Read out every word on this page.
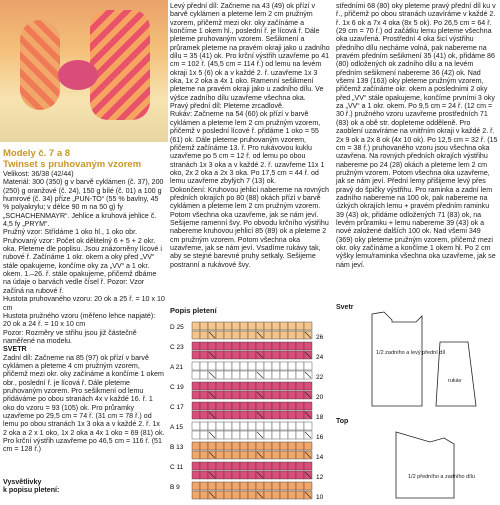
Modely č. 7 a 8

Twinset s pruhovaným vzorem

Velikost: 36/38 (42/44)

Materiál: 300 (350) g v barvě cyklámen (č. 37), 200 (250) g oranžové (č. 24), 150 g bílé (č. 01) a 100 g humrové (č. 34) příze „PUN-TO“ (55 % bavlny, 45 % polyakrylu; v délce 90 m na 50 g) fy „SCHACHENMAYR“. Jehlice a kruhová jehlice č. 4,5 fy „PRYM“.

Pružný vzor: Střídáme 1 oko hl., 1 oko obr.

Pruhovaný vzor: Počet ok dělitelný 6 + 5 + 2 okr. oka. Pleteme dle poplisu. Jsou znázorněny lícové i rubové ř. Začínáme 1 okr. okem a oky před „VV“ stále opakujeme, končíme oky za „VV“ a 1 okr. okem. 1.–26. ř. stále opakujeme, přičemž dbáme na údaje o barvách vedle čísel ř. Pozor: Vzor začíná na rubové ř.

Hustota pruhovaného vzoru: 20 ok a 25 ř. = 10 x 10 cm

Hustota pružného vzoru (měřeno lehce napjaté): 20 ok a 24 ř. = 10 x 10 cm

Pozor: Rozměry ve střihu jsou již částečně naměřené na modelu.

SVETR

Zadní díl: Začneme na 85 (97) ok přízí v barvě cyklámen a pleteme 4 cm pružným vzorem, přičemž mezi okr. oky začínáme a končíme 1 okem obr., poslední ř. je lícová ř. Dále pleteme pruhovaným vzorem. Pro sešikmení od lemu přidáváme po obou stranách 4x v každé 16. ř. 1 oko do vzoru = 93 (105) ok. Pro průramky uzavřeme po 29,5 cm = 74 ř. (31 cm = 78 ř.) od lemu po obou stranách 1x 3 oka a v každé 2. ř. 1x 2 oka a 2 x 1 oko, 1x 2 oka a 4x 1 oko = 69 (81) ok. Pro krční výstřih uzavřeme po 46,5 cm = 116 ř. (51 cm = 128 ř.)

Vysvětlivky
k popisu pletení:

Levý přední díl: Začneme na 43 (49) ok přízí v barvě cyklámen a pleteme lem 2 cm pružným vzorem, přičemž mezi okr. oky začínáme a končíme 1 okem hl., poslední ř. je lícová ř. Dále pleteme pruhovaným vzorem. Sešikmení a průramek pleteme na pravém okraji jako u zadního dílu = 35 (41) ok. Pro krční výstřih uzavřeme po 41 cm = 102 ř. (45,5 cm = 114 ř.) od lemu na levém okraji 1x 5 (6) ok a v každé 2. ř. uzavřeme 1x 3 oka, 1x 2 oka a 4x 1 oko. Ramenní sešikmení pleteme na pravém okraji jako u zadního dílu. Ve výšce zadního dílu uzavřeme všechna oka.

Pravý přední díl: Pleteme zrcadlově.

Rukáv: Začneme na 54 (60) ok přízí v barvě cyklámen a pleteme lem 2 cm pružným vzorem, přičemž v poslední lícové ř. přidáme 1 oko = 55 (61) ok. Dále pleteme pruhovaným vzorem, přičemž začínáme 13. ř. Pro rukávovou kuklu uzavřeme po 5 cm = 12 ř. od lemu po obou stranách 1x 3 oka a v každé 2. ř. uzavřeme 11x 1 oko, 2x 2 oka a 2x 3 oka. Po 17,5 cm = 44 ř. od lemu uzavřeme zbylých 7 (13) ok.

Dokončení: Kruhovou jehlicí nabereme na rovných předních okrajích po 80 (88) okách přízí v barvě cyklámen a pleteme lem 2 cm pružným vzorem. Potom všechna oka uzavřeme, jak se nám jeví. Sešijeme ramenní švy. Po obvodu krčního výstřihu nabereme kruhovou jehlicí 85 (89) ok a pleteme 2 cm pružným vzorem. Potom všechna oka uzavřeme, jak se nám jeví. Vsadíme rukávy tak, aby se stejné barevné pruhy setkaly. Sešijeme postranní a rukávové švy.

Popis pletení
D 25
26
C 23
24
A 21
22
C 19
20
C 17
18
A 15
16
B 13
14
C 11
12
B 9
10

středními 68 (80) oky pleteme pravý přední díl ku v ř., přičemž po obou stranách uzavíráme v každé 2. ř. 1x 6 ok a 7x 4 oka (8x 5 ok). Po 26,5 cm = 64 ř. (29 cm = 70 ř.) od začátku lemu pleteme všechna oka uzavřená. Prostřední 4 oka šicí výstřihu předního dílu necháme volná, pak nabereme na pravém předním sešikmení 35 (41) ok, přidáme 86 (80) odložených ok zadního dílu a na levém předním sešikmení nabereme 36 (42) ok. Nad všemi 139 (163) oky pleteme pružným vzorem, přičemž začínáme okr. okem a posledními 2 oky před „VV“ stále opakujeme, končíme prvními 3 oky za „VV“ a 1 okr. okem. Po 9,5 cm = 24 ř. (12 cm = 30 ř.) pružného vzoru uzavřeme prostředních 71 (83) ok a obě str. dopleteme odděleně. Pro zaoblení uzavíráme na vnitřním okraji v každé 2. ř. 2x 9 ok a 2x 8 ok (4x 10 ok). Po 12,5 cm = 32 ř. (15 cm = 38 ř.) pruhovaného vzoru jsou všechna oka uzavřena. Na rovných předních okrajích výstřihu nabereme po 24 (28) okách a pleteme lem 2 cm pružným vzorem. Potom všechna oka uzavřeme, jak se nám jeví. Přední lemy přišijeme levý přes pravý do špičky výstřihu. Pro raminka a zadní lem zadního nabereme na 100 ok, pak nabereme na úzkých okrajích lemu + pravém předním raminku 39 (43) ok, přidáme odložených 71 (83) ok, na levém průramku + lemu nabereme 39 (43) ok a nové založené dalších 100 ok. Nad všemi 349 (369) oky pleteme pružným vzorem, přičemž mezi okr. oky začínáme a končíme 1 okem hl. Po 2 cm výšky lemu/raminka všechna oka uzavřeme, jak se nám jeví.

Svetr
Top
1/2 zadního a levý přední díl
rukáv
1/2 předního a zadního dílu
